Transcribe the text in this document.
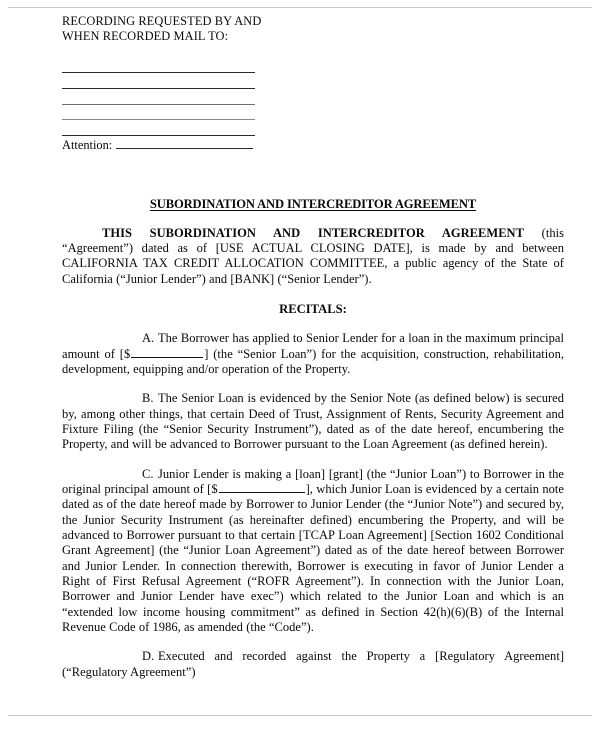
RECORDING REQUESTED BY AND
WHEN RECORDED MAIL TO:
Attention:
SUBORDINATION AND INTERCREDITOR AGREEMENT

THIS SUBORDINATION AND INTERCREDITOR AGREEMENT (this “Agreement”) dated as of [USE ACTUAL CLOSING DATE], is made by and between CALIFORNIA TAX CREDIT ALLOCATION COMMITTEE, a public agency of the State of California (“Junior Lender”) and [BANK] (“Senior Lender”).

RECITALS:

A. The Borrower has applied to Senior Lender for a loan in the maximum principal amount of [$	] (the “Senior Loan”) for the acquisition, construction, rehabilitation, development, equipping and/or operation of the Property.

B. The Senior Loan is evidenced by the Senior Note (as defined below) is secured by, among other things, that certain Deed of Trust, Assignment of Rents, Security Agreement and Fixture Filing (the “Senior Security Instrument”), dated as of the date hereof, encumbering the Property, and will be advanced to Borrower pursuant to the Loan Agreement (as defined herein).

C. Junior Lender is making a [loan] [grant] (the “Junior Loan”) to Borrower in the original principal amount of [$	], which Junior Loan is evidenced by a certain note dated as of the date hereof made by Borrower to Junior Lender (the “Junior Note”) and secured by, the Junior Security Instrument (as hereinafter defined) encumbering the Property, and will be advanced to Borrower pursuant to that certain [TCAP Loan Agreement] [Section 1602 Conditional Grant Agreement] (the “Junior Loan Agreement”) dated as of the date hereof between Borrower and Junior Lender. In connection therewith, Borrower is executing in favor of Junior Lender a Right of First Refusal Agreement (“ROFR Agreement”). In connection with the Junior Loan, Borrower and Junior Lender have exec”) which related to the Junior Loan and which is an “extended low income housing commitment” as defined in Section 42(h)(6)(B) of the Internal Revenue Code of 1986, as amended (the “Code”).

D. Executed and recorded against the Property a [Regulatory Agreement] (“Regulatory Agreement”)
